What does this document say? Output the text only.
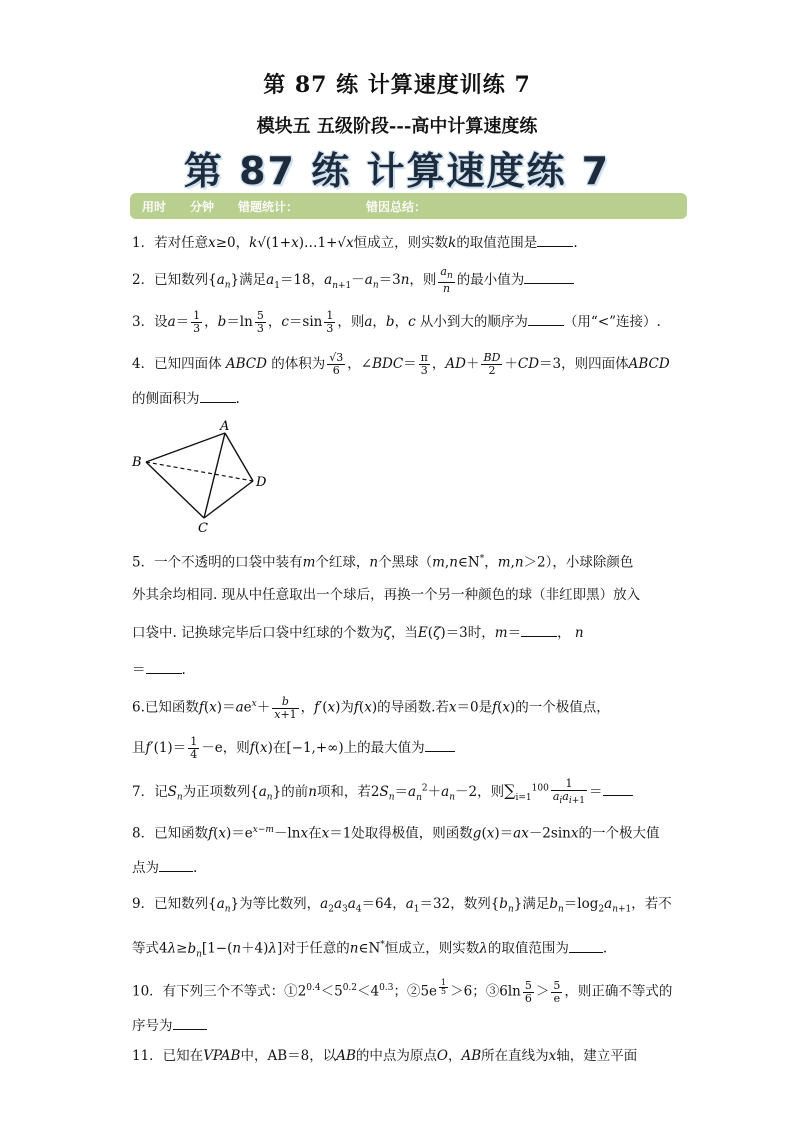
第 87 练 计算速度训练 7
模块五 五级阶段---高中计算速度练
第 87 练 计算速度练 7
用时 分钟 错题统计：	错因总结：
1．若对任意x≥0，k√(1+x)…1+√x恒成立，则实数k的取值范围是	.
2．已知数列$\{a_n\}$满足$a_1=18$，$a_{n+1}-a_n=3n$，则 $\frac{a_n}{n}$ 的最小值为
3．设$a= \frac{1}{3}$ ，$b=\ln \frac{5}{3}$ ，$c=\sin \frac{1}{3}$ ，则a，b，c 从小到大的顺序为	（用“<”连接）.
4．已知四面体 ABCD 的体积为 $\frac{√3}{6}$ ，∠BDC＝ $\frac{\pi}{3}$ ，$AD+ \frac{BD}{2} +CD=3$，则四面体ABCD
的侧面积为	.
A
B
C
D
5．一个不透明的口袋中装有m个红球，n个黑球（m,n∈N*，m,n＞2），小球除颜色
外其余均相同. 现从中任意取出一个球后，再换一个另一种颜色的球（非红即黑）放入
口袋中. 记换球完毕后口袋中红球的个数为ζ，当E(ζ)＝3时，m＝	， n
＝	.
6.已知函数$f(x)=ae^x+ \frac{b}{x+1}$ ，f′(x)为f(x)的导函数.若x＝0是f(x)的一个极值点，
且$f'(1)= \frac{1}{4} -e$，则f(x)在[−1,+∞)上的最大值为
7．记$S_n$为正项数列$\{a_n\}$的前n项和，若$2S_n=a_n^2+a_n-2$，则$\sum_{i=1}^{100} \frac{1}{a_ia_{i+1}}$ ＝
8．已知函数$f(x)=e^{x-m}-\ln x$在x＝1处取得极值，则函数g(x)＝ax－2sinx的一个极大值
点为	.
9．已知数列$\{a_n\}$为等比数列，$a_2a_3a_4=64$，$a_1=32$，数列$\{b_n\}$满足$b_n=\log_2a_{n+1}$，若不
等式$4\lambda\ge b_n[1-(n+4)\lambda]$对于任意的n∈N*恒成立，则实数λ的取值范围为	.
10．有下列三个不等式：$①2^{0.4}<5^{0.2}<4^{0.3}$；②5e $^{\frac{1}{5}}$ ＞6；③6ln $\frac{5}{6} > \frac{5}{e}$ ，则正确不等式的
序号为
11．已知在VPAB中，AB＝8，以AB的中点为原点O，AB所在直线为x轴，建立平面
